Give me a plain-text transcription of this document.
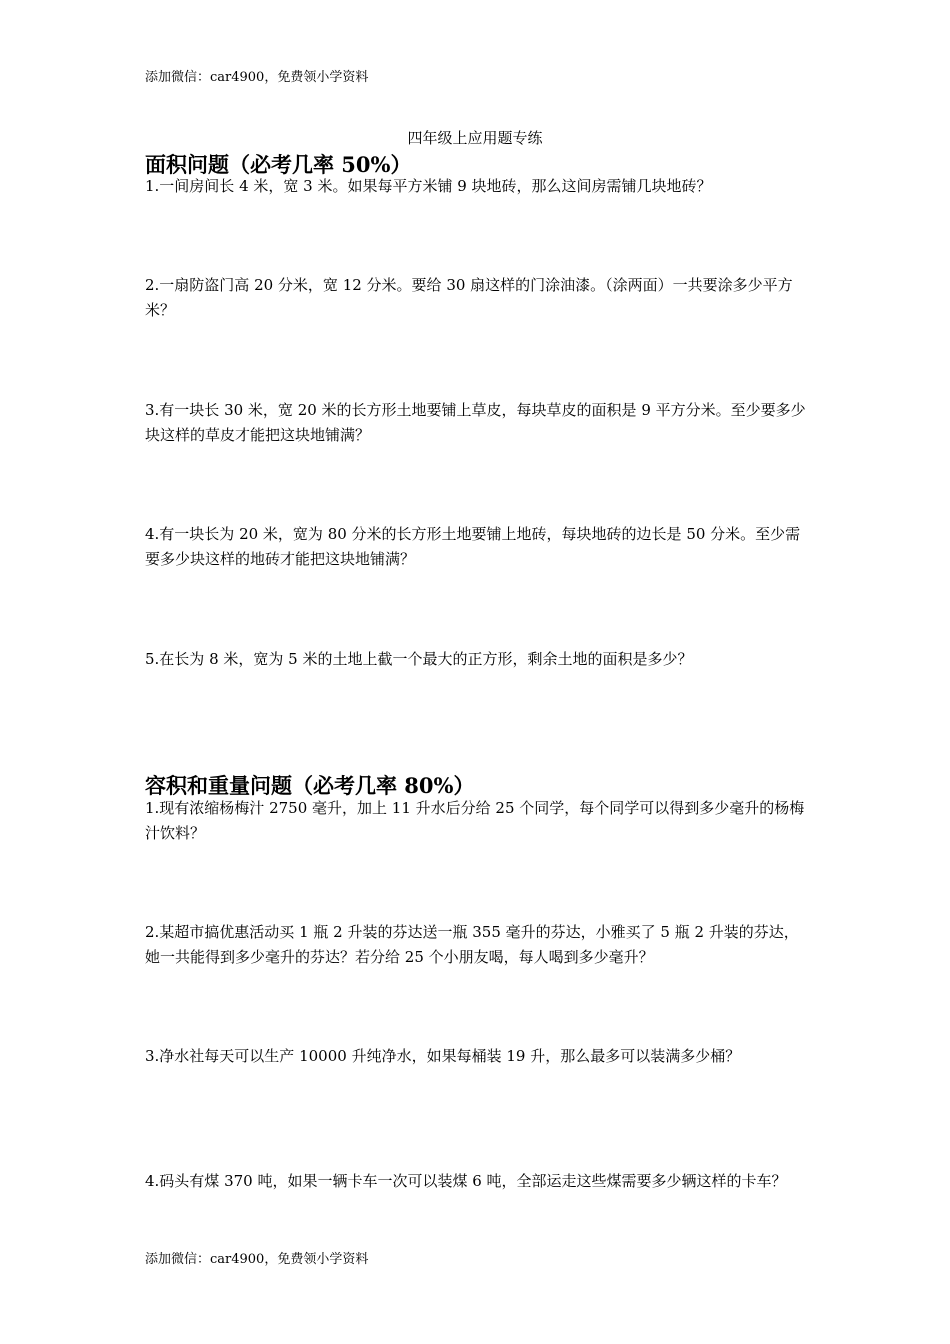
添加微信：car4900，免费领小学资料
四年级上应用题专练
面积问题（必考几率 50%）
1.一间房间长 4 米，宽 3 米。如果每平方米铺 9 块地砖，那么这间房需铺几块地砖？
2.一扇防盗门高 20 分米，宽 12 分米。要给 30 扇这样的门涂油漆。（涂两面）一共要涂多少平方米？
3.有一块长 30 米，宽 20 米的长方形土地要铺上草皮，每块草皮的面积是 9 平方分米。至少要多少块这样的草皮才能把这块地铺满？
4.有一块长为 20 米，宽为 80 分米的长方形土地要铺上地砖，每块地砖的边长是 50 分米。至少需要多少块这样的地砖才能把这块地铺满？
5.在长为 8 米，宽为 5 米的土地上截一个最大的正方形，剩余土地的面积是多少？
容积和重量问题（必考几率 80%）
1.现有浓缩杨梅汁 2750 毫升，加上 11 升水后分给 25 个同学，每个同学可以得到多少毫升的杨梅汁饮料？
2.某超市搞优惠活动买 1 瓶 2 升装的芬达送一瓶 355 毫升的芬达，小雅买了 5 瓶 2 升装的芬达，她一共能得到多少毫升的芬达？若分给 25 个小朋友喝，每人喝到多少毫升？
3.净水社每天可以生产 10000 升纯净水，如果每桶装 19 升，那么最多可以装满多少桶？
4.码头有煤 370 吨，如果一辆卡车一次可以装煤 6 吨，全部运走这些煤需要多少辆这样的卡车？
添加微信：car4900，免费领小学资料
